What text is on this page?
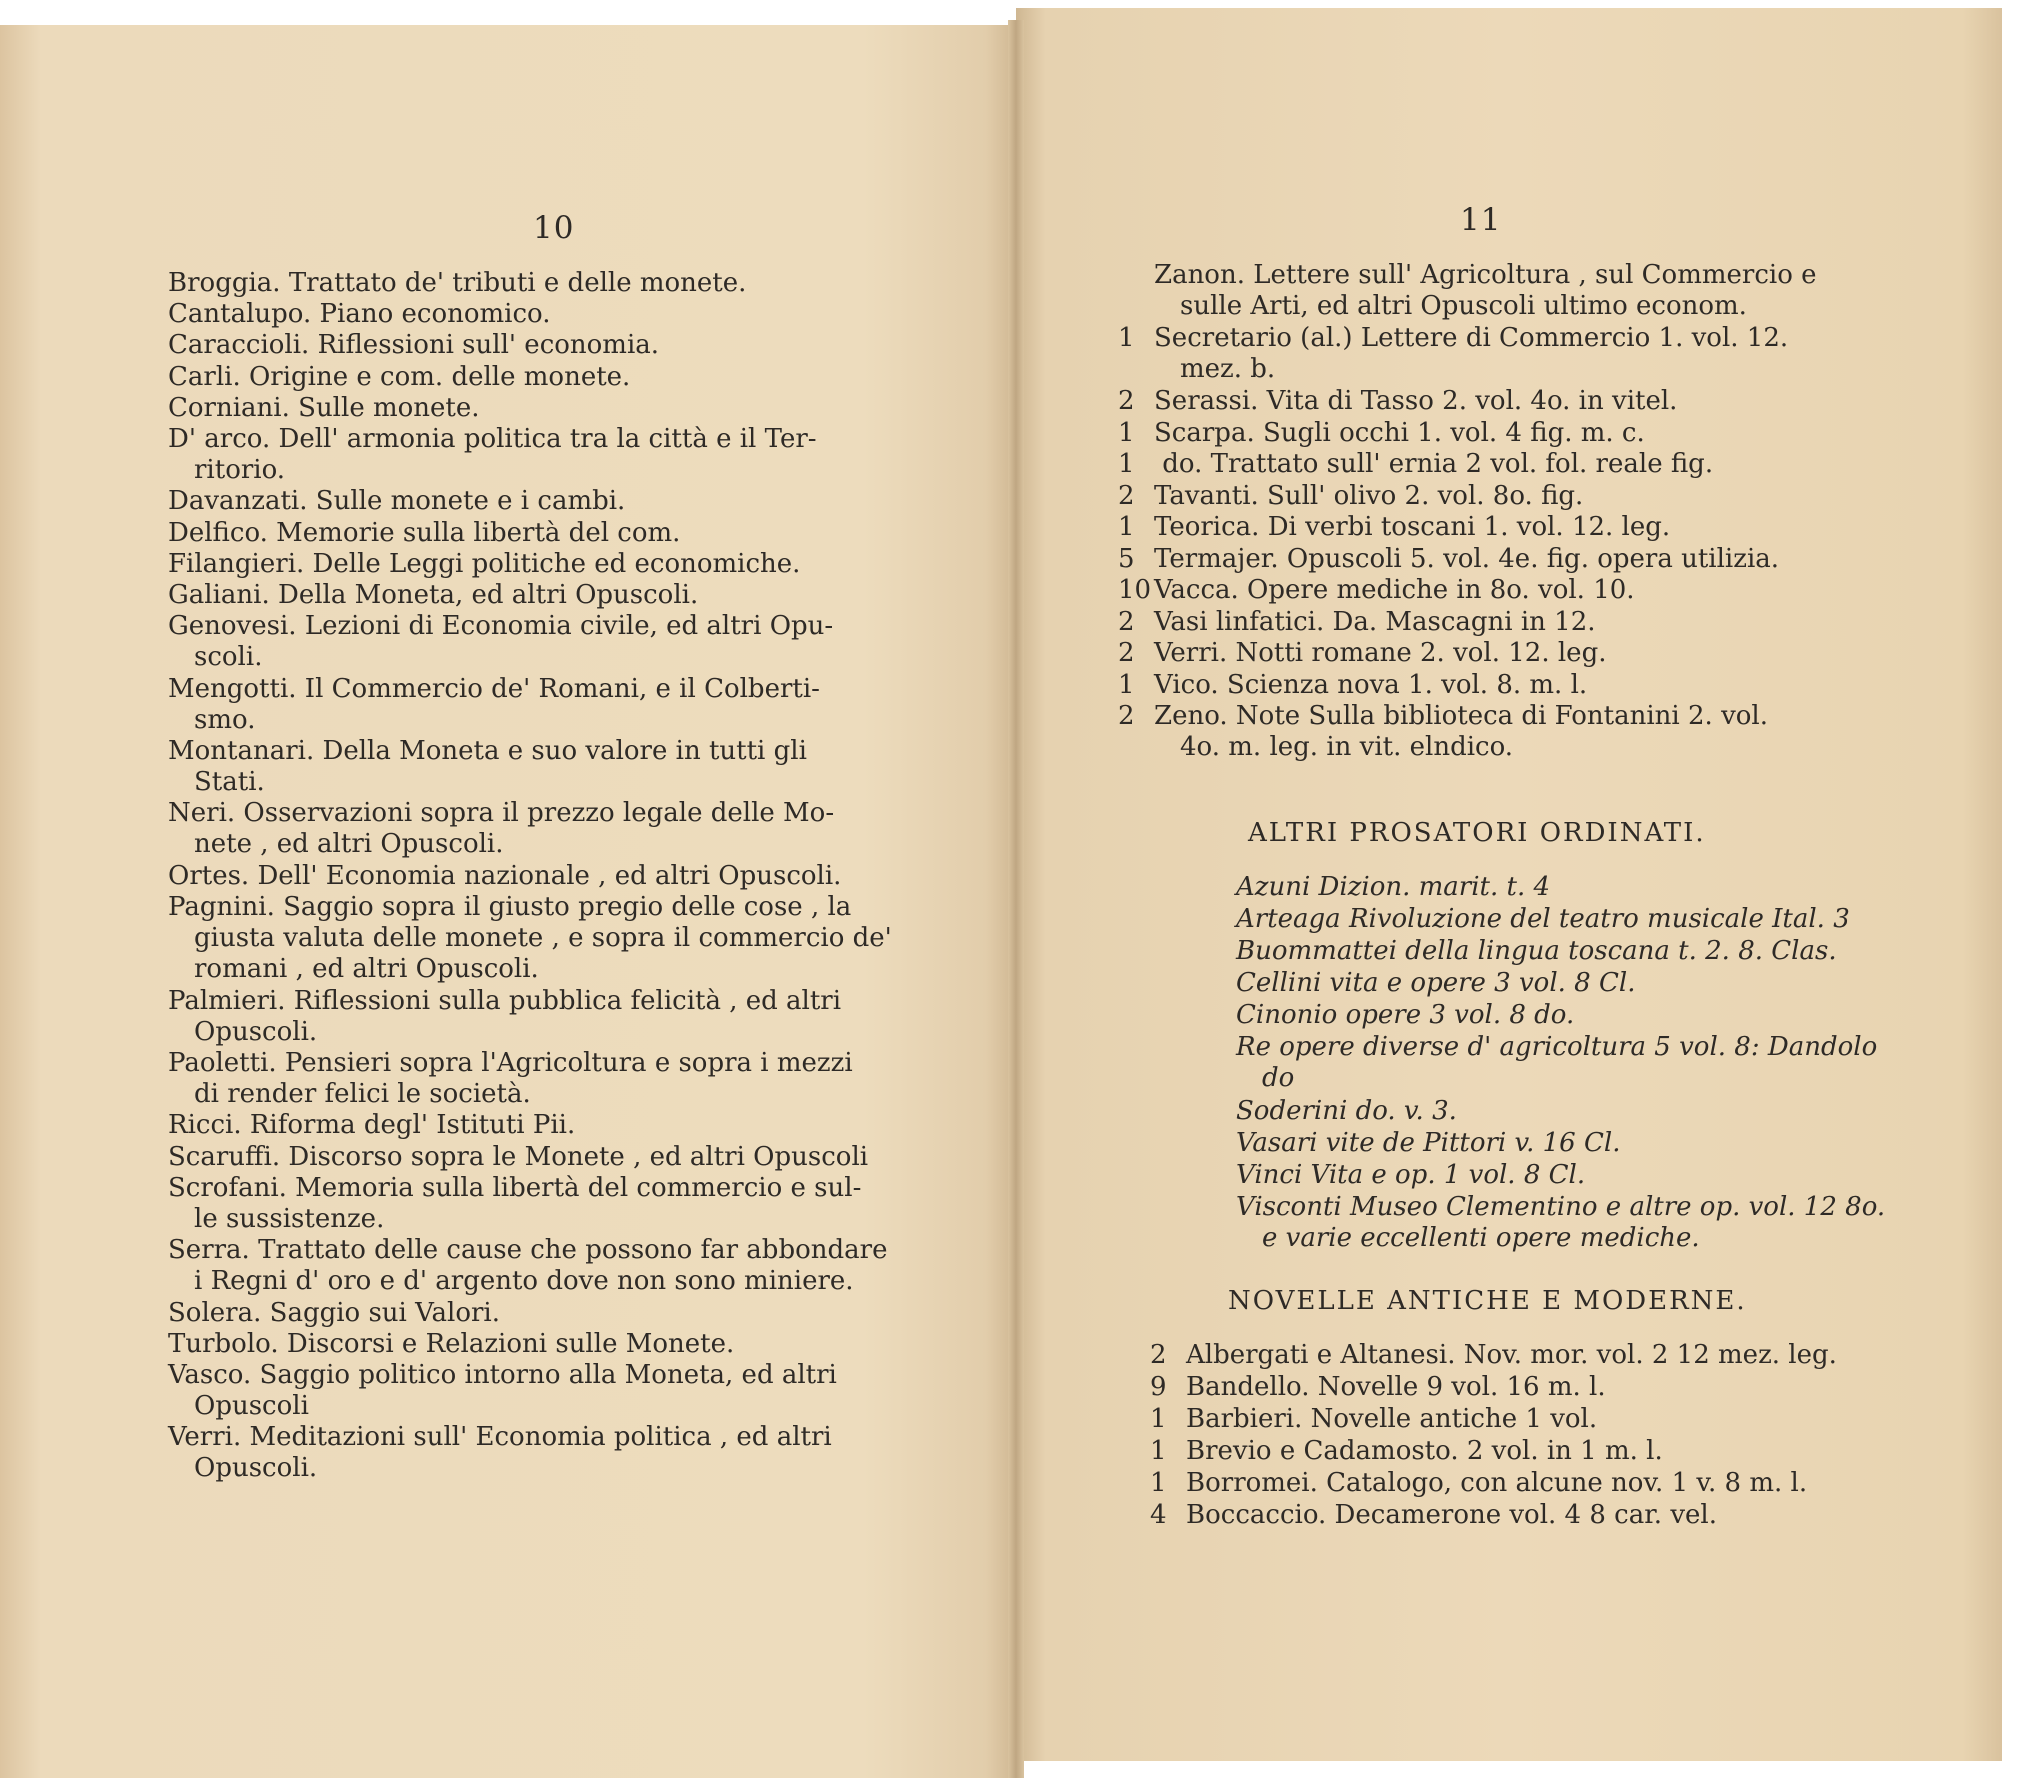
10	11
Broggia. Trattato de' tributi e delle monete.
Cantalupo. Piano economico.
Caraccioli. Riflessioni sull' economia.
Carli. Origine e com. delle monete.
Corniani. Sulle monete.
D' arco. Dell' armonia politica tra la città e il Ter-
ritorio.
Davanzati. Sulle monete e i cambi.
Delfico. Memorie sulla libertà del com.
Filangieri. Delle Leggi politiche ed economiche.
Galiani. Della Moneta, ed altri Opuscoli.
Genovesi. Lezioni di Economia civile, ed altri Opu-
scoli.
Mengotti. Il Commercio de' Romani, e il Colberti-
smo.
Montanari. Della Moneta e suo valore in tutti gli
Stati.
Neri. Osservazioni sopra il prezzo legale delle Mo-
nete , ed altri Opuscoli.
Ortes. Dell' Economia nazionale , ed altri Opuscoli.
Pagnini. Saggio sopra il giusto pregio delle cose , la
giusta valuta delle monete , e sopra il commercio de'
romani , ed altri Opuscoli.
Palmieri. Riflessioni sulla pubblica felicità , ed altri
Opuscoli.
Paoletti. Pensieri sopra l'Agricoltura e sopra i mezzi
di render felici le società.
Ricci. Riforma degl' Istituti Pii.
Scaruffi. Discorso sopra le Monete , ed altri Opuscoli
Scrofani. Memoria sulla libertà del commercio e sul-
le sussistenze.
Serra. Trattato delle cause che possono far abbondare
i Regni d' oro e d' argento dove non sono miniere.
Solera. Saggio sui Valori.
Turbolo. Discorsi e Relazioni sulle Monete.
Vasco. Saggio politico intorno alla Moneta, ed altri
Opuscoli
Verri. Meditazioni sull' Economia politica , ed altri
Opuscoli.
Zanon. Lettere sull' Agricoltura , sul Commercio e
sulle Arti, ed altri Opuscoli ultimo econom.
1 Secretario (al.) Lettere di Commercio 1. vol. 12.
mez. b.
2 Serassi. Vita di Tasso 2. vol. 4o. in vitel.
1 Scarpa. Sugli occhi 1. vol. 4 fig. m. c.
1 do. Trattato sull' ernia 2 vol. fol. reale fig.
2 Tavanti. Sull' olivo 2. vol. 8o. fig.
1 Teorica. Di verbi toscani 1. vol. 12. leg.
5 Termajer. Opuscoli 5. vol. 4e. fig. opera utilizia.
10 Vacca. Opere mediche in 8o. vol. 10.
2 Vasi linfatici. Da. Mascagni in 12.
2 Verri. Notti romane 2. vol. 12. leg.
1 Vico. Scienza nova 1. vol. 8. m. l.
2 Zeno. Note Sulla biblioteca di Fontanini 2. vol.
4o. m. leg. in vit. elndico.
ALTRI PROSATORI ORDINATI.
Azuni Dizion. marit. t. 4
Arteaga Rivoluzione del teatro musicale Ital. 3
Buommattei della lingua toscana t. 2. 8. Clas.
Cellini vita e opere 3 vol. 8 Cl.
Cinonio opere 3 vol. 8 do.
Re opere diverse d' agricoltura 5 vol. 8: Dandolo
do
Soderini do. v. 3.
Vasari vite de Pittori v. 16 Cl.
Vinci Vita e op. 1 vol. 8 Cl.
Visconti Museo Clementino e altre op. vol. 12 8o.
e varie eccellenti opere mediche.
NOVELLE ANTICHE E MODERNE.
2 Albergati e Altanesi. Nov. mor. vol. 2 12 mez. leg.
9 Bandello. Novelle 9 vol. 16 m. l.
1 Barbieri. Novelle antiche 1 vol.
1 Brevio e Cadamosto. 2 vol. in 1 m. l.
1 Borromei. Catalogo, con alcune nov. 1 v. 8 m. l.
4 Boccaccio. Decamerone vol. 4 8 car. vel.
